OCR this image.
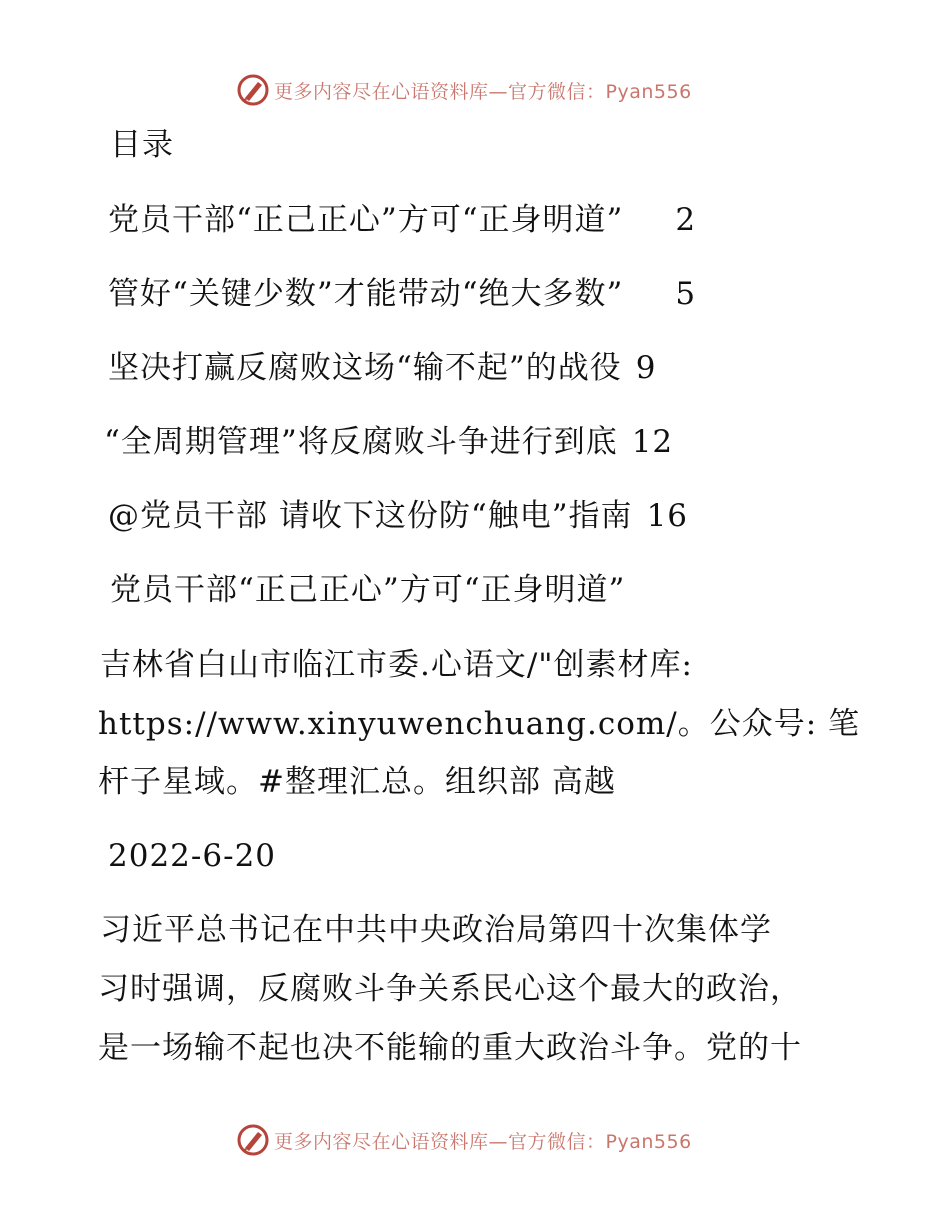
更多内容尽在心语资料库—官方微信：Pyan556
目录
党员干部“正己正心”方可“正身明道” 2
管好“关键少数”才能带动“绝大多数” 5
坚决打赢反腐败这场“输不起”的战役 9
“全周期管理”将反腐败斗争进行到底 12
@党员干部 请收下这份防“触电”指南 16
党员干部“正己正心”方可“正身明道”
吉林省白山市临江市委.心语文/"创素材库:
https://www.xinyuwenchuang.com/。公众号: 笔
杆子星域。#整理汇总。组织部 高越
2022-6-20
习近平总书记在中共中央政治局第四十次集体学
习时强调，反腐败斗争关系民心这个最大的政治，
是一场输不起也决不能输的重大政治斗争。党的十
更多内容尽在心语资料库—官方微信：Pyan556
